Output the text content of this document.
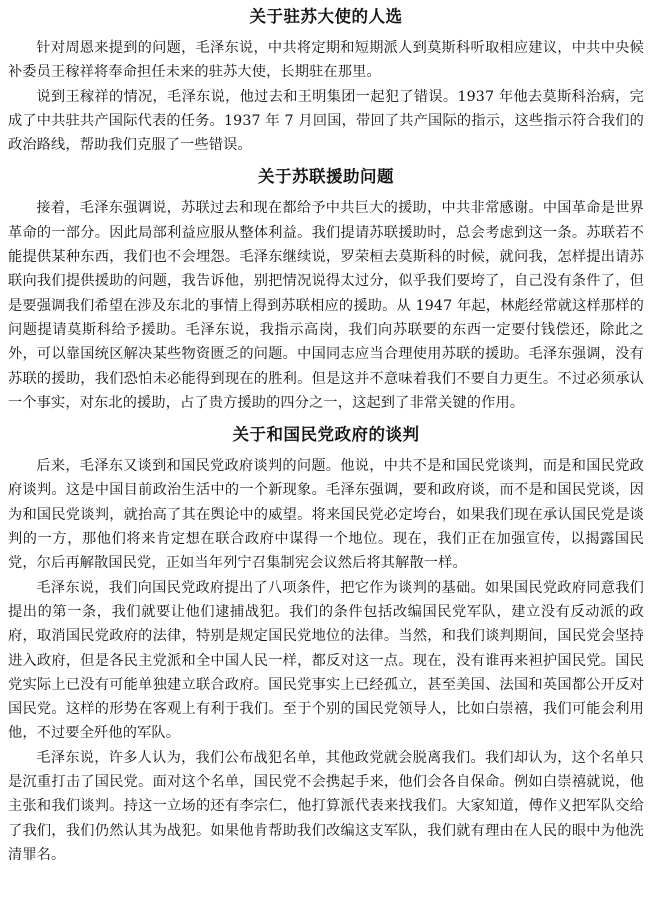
关于驻苏大使的人选

针对周恩来提到的问题，毛泽东说，中共将定期和短期派人到莫斯科听取相应建议，中共中央候补委员王稼祥将奉命担任未来的驻苏大使，长期驻在那里。

说到王稼祥的情况，毛泽东说，他过去和王明集团一起犯了错误。1937 年他去莫斯科治病，完成了中共驻共产国际代表的任务。1937 年 7 月回国，带回了共产国际的指示，这些指示符合我们的政治路线，帮助我们克服了一些错误。

关于苏联援助问题

接着，毛泽东强调说，苏联过去和现在都给予中共巨大的援助，中共非常感谢。中国革命是世界革命的一部分。因此局部利益应服从整体利益。我们提请苏联援助时，总会考虑到这一条。苏联若不能提供某种东西，我们也不会埋怨。毛泽东继续说，罗荣桓去莫斯科的时候，就问我，怎样提出请苏联向我们提供援助的问题，我告诉他，别把情况说得太过分，似乎我们要垮了，自己没有条件了，但是要强调我们希望在涉及东北的事情上得到苏联相应的援助。从 1947 年起，林彪经常就这样那样的问题提请莫斯科给予援助。毛泽东说，我指示高岗，我们向苏联要的东西一定要付钱偿还，除此之外，可以靠国统区解决某些物资匮乏的问题。中国同志应当合理使用苏联的援助。毛泽东强调，没有苏联的援助，我们恐怕未必能得到现在的胜利。但是这并不意味着我们不要自力更生。不过必须承认一个事实，对东北的援助，占了贵方援助的四分之一，这起到了非常关键的作用。

关于和国民党政府的谈判

后来，毛泽东又谈到和国民党政府谈判的问题。他说，中共不是和国民党谈判，而是和国民党政府谈判。这是中国目前政治生活中的一个新现象。毛泽东强调，要和政府谈，而不是和国民党谈，因为和国民党谈判，就抬高了其在舆论中的威望。将来国民党必定垮台，如果我们现在承认国民党是谈判的一方，那他们将来肯定想在联合政府中谋得一个地位。现在，我们正在加强宣传，以揭露国民党，尔后再解散国民党，正如当年列宁召集制宪会议然后将其解散一样。

毛泽东说，我们向国民党政府提出了八项条件，把它作为谈判的基础。如果国民党政府同意我们提出的第一条，我们就要让他们逮捕战犯。我们的条件包括改编国民党军队，建立没有反动派的政府，取消国民党政府的法律，特别是规定国民党地位的法律。当然，和我们谈判期间，国民党会坚持进入政府，但是各民主党派和全中国人民一样，都反对这一点。现在，没有谁再来袒护国民党。国民党实际上已没有可能单独建立联合政府。国民党事实上已经孤立，甚至美国、法国和英国都公开反对国民党。这样的形势在客观上有利于我们。至于个别的国民党领导人，比如白崇禧，我们可能会利用他，不过要全歼他的军队。

毛泽东说，许多人认为，我们公布战犯名单，其他政党就会脱离我们。我们却认为，这个名单只是沉重打击了国民党。面对这个名单，国民党不会携起手来，他们会各自保命。例如白崇禧就说，他主张和我们谈判。持这一立场的还有李宗仁，他打算派代表来找我们。大家知道，傅作义把军队交给了我们，我们仍然认其为战犯。如果他肯帮助我们改编这支军队，我们就有理由在人民的眼中为他洗清罪名。
